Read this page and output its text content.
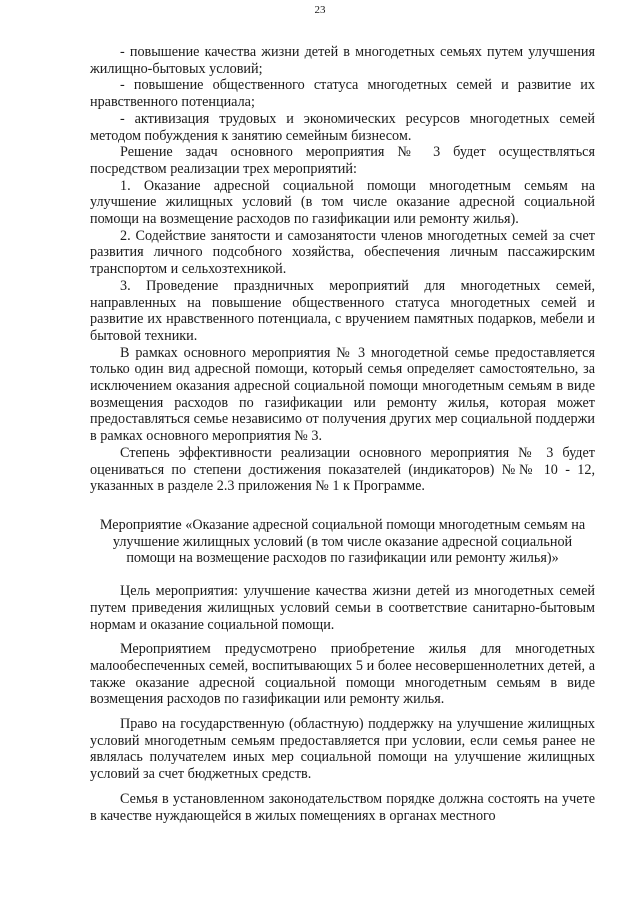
23

- повышение качества жизни детей в многодетных семьях путем улучшения жилищно-бытовых условий;

- повышение общественного статуса многодетных семей и развитие их нравственного потенциала;

- активизация трудовых и экономических ресурсов многодетных семей методом побуждения к занятию семейным бизнесом.

Решение задач основного мероприятия № 3 будет осуществляться посредством реализации трех мероприятий:

1. Оказание адресной социальной помощи многодетным семьям на улучшение жилищных условий (в том числе оказание адресной социальной помощи на возмещение расходов по газификации или ремонту жилья).

2. Содействие занятости и самозанятости членов многодетных семей за счет развития личного подсобного хозяйства, обеспечения личным пассажирским транспортом и сельхозтехникой.

3. Проведение праздничных мероприятий для многодетных семей, направленных на повышение общественного статуса многодетных семей и развитие их нравственного потенциала, с вручением памятных подарков, мебели и бытовой техники.

В рамках основного мероприятия № 3 многодетной семье предоставляется только один вид адресной помощи, который семья определяет самостоятельно, за исключением оказания адресной социальной помощи многодетным семьям в виде возмещения расходов по газификации или ремонту жилья, которая может предоставляться семье независимо от получения других мер социальной поддержи в рамках основного мероприятия № 3.

Степень эффективности реализации основного мероприятия № 3 будет оцениваться по степени достижения показателей (индикаторов) №№ 10 - 12, указанных в разделе 2.3 приложения № 1 к Программе.

Мероприятие «Оказание адресной социальной помощи многодетным семьям на улучшение жилищных условий (в том числе оказание адресной социальной помощи на возмещение расходов по газификации или ремонту жилья)»

Цель мероприятия: улучшение качества жизни детей из многодетных семей путем приведения жилищных условий семьи в соответствие санитарно-бытовым нормам и оказание социальной помощи.

Мероприятием предусмотрено приобретение жилья для многодетных малообеспеченных семей, воспитывающих 5 и более несовершеннолетних детей, а также оказание адресной социальной помощи многодетным семьям в виде возмещения расходов по газификации или ремонту жилья.

Право на государственную (областную) поддержку на улучшение жилищных условий многодетным семьям предоставляется при условии, если семья ранее не являлась получателем иных мер социальной помощи на улучшение жилищных условий за счет бюджетных средств.

Семья в установленном законодательством порядке должна состоять на учете в качестве нуждающейся в жилых помещениях в органах местного
